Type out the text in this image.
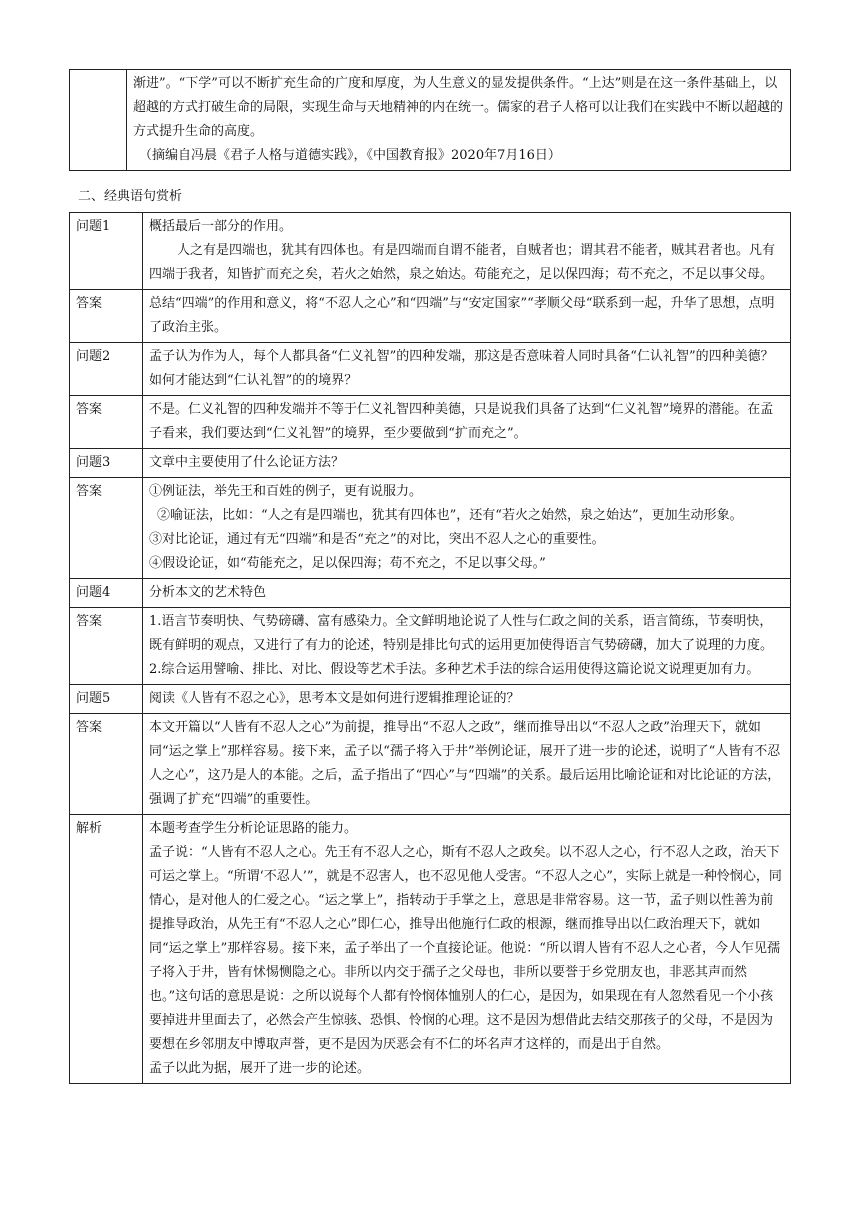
渐进”。“下学”可以不断扩充生命的广度和厚度，为人生意义的显发提供条件。“上达”则是在这一条件基础上，以超越的方式打破生命的局限，实现生命与天地精神的内在统一。儒家的君子人格可以让我们在实践中不断以超越的方式提升生命的高度。

（摘编自冯晨《君子人格与道德实践》，《中国教育报》2020年7月16日）

二、经典语句赏析
问题1	概括最后一部分的作用。

人之有是四端也，犹其有四体也。有是四端而自谓不能者，自贼者也；谓其君不能者，贼其君者也。凡有四端于我者，知皆扩而充之矣，若火之始然，泉之始达。苟能充之，足以保四海；苟不充之，不足以事父母。

答案	总结“四端”的作用和意义，将“不忍人之心”和“四端”与“安定国家”“孝顺父母“联系到一起，升华了思想，点明了政治主张。

问题2	孟子认为作为人，每个人都具备“仁义礼智”的四种发端，那这是否意味着人同时具备“仁认礼智”的四种美德？如何才能达到“仁认礼智”的的境界？

答案	不是。仁义礼智的四种发端并不等于仁义礼智四种美德，只是说我们具备了达到“仁义礼智”境界的潜能。在孟子看来，我们要达到“仁义礼智”的境界，至少要做到“扩而充之”。

问题3	文章中主要使用了什么论证方法？

答案	①例证法，举先王和百姓的例子，更有说服力。

②喻证法，比如：“人之有是四端也，犹其有四体也”，还有“若火之始然，泉之始达”，更加生动形象。

③对比论证，通过有无“四端”和是否“充之”的对比，突出不忍人之心的重要性。

④假设论证，如“苟能充之，足以保四海；苟不充之，不足以事父母。”

问题4	分析本文的艺术特色

答案	1.语言节奏明快、气势磅礴、富有感染力。全文鲜明地论说了人性与仁政之间的关系，语言简练，节奏明快，既有鲜明的观点，又进行了有力的论述，特别是排比句式的运用更加使得语言气势磅礴，加大了说理的力度。

2.综合运用譬喻、排比、对比、假设等艺术手法。多种艺术手法的综合运用使得这篇论说文说理更加有力。

问题5	阅读《人皆有不忍之心》，思考本文是如何进行逻辑推理论证的？

答案	本文开篇以“人皆有不忍人之心”为前提，推导出“不忍人之政”，继而推导出以“不忍人之政”治理天下，就如同“运之掌上”那样容易。接下来，孟子以“孺子将入于井”举例论证，展开了进一步的论述，说明了“人皆有不忍人之心”，这乃是人的本能。之后，孟子指出了“四心”与“四端”的关系。最后运用比喻论证和对比论证的方法，强调了扩充“四端”的重要性。

解析	本题考查学生分析论证思路的能力。

孟子说：“人皆有不忍人之心。先王有不忍人之心，斯有不忍人之政矣。以不忍人之心，行不忍人之政，治天下可运之掌上。“所谓‘不忍人’”，就是不忍害人，也不忍见他人受害。“不忍人之心”，实际上就是一种怜悯心，同情心，是对他人的仁爱之心。“运之掌上”，指转动于手掌之上，意思是非常容易。这一节，孟子则以性善为前提推导政治，从先王有“不忍人之心”即仁心，推导出他施行仁政的根源，继而推导出以仁政治理天下，就如同“运之掌上”那样容易。接下来，孟子举出了一个直接论证。他说：“所以谓人皆有不忍人之心者，今人乍见孺子将入于井，皆有怵惕恻隐之心。非所以内交于孺子之父母也，非所以要誉于乡党朋友也，非恶其声而然也。”这句话的意思是说：之所以说每个人都有怜悯体恤别人的仁心，是因为，如果现在有人忽然看见一个小孩要掉进井里面去了，必然会产生惊骇、恐惧、怜悯的心理。这不是因为想借此去结交那孩子的父母，不是因为要想在乡邻朋友中博取声誉，更不是因为厌恶会有不仁的坏名声才这样的，而是出于自然。

孟子以此为据，展开了进一步的论述。
